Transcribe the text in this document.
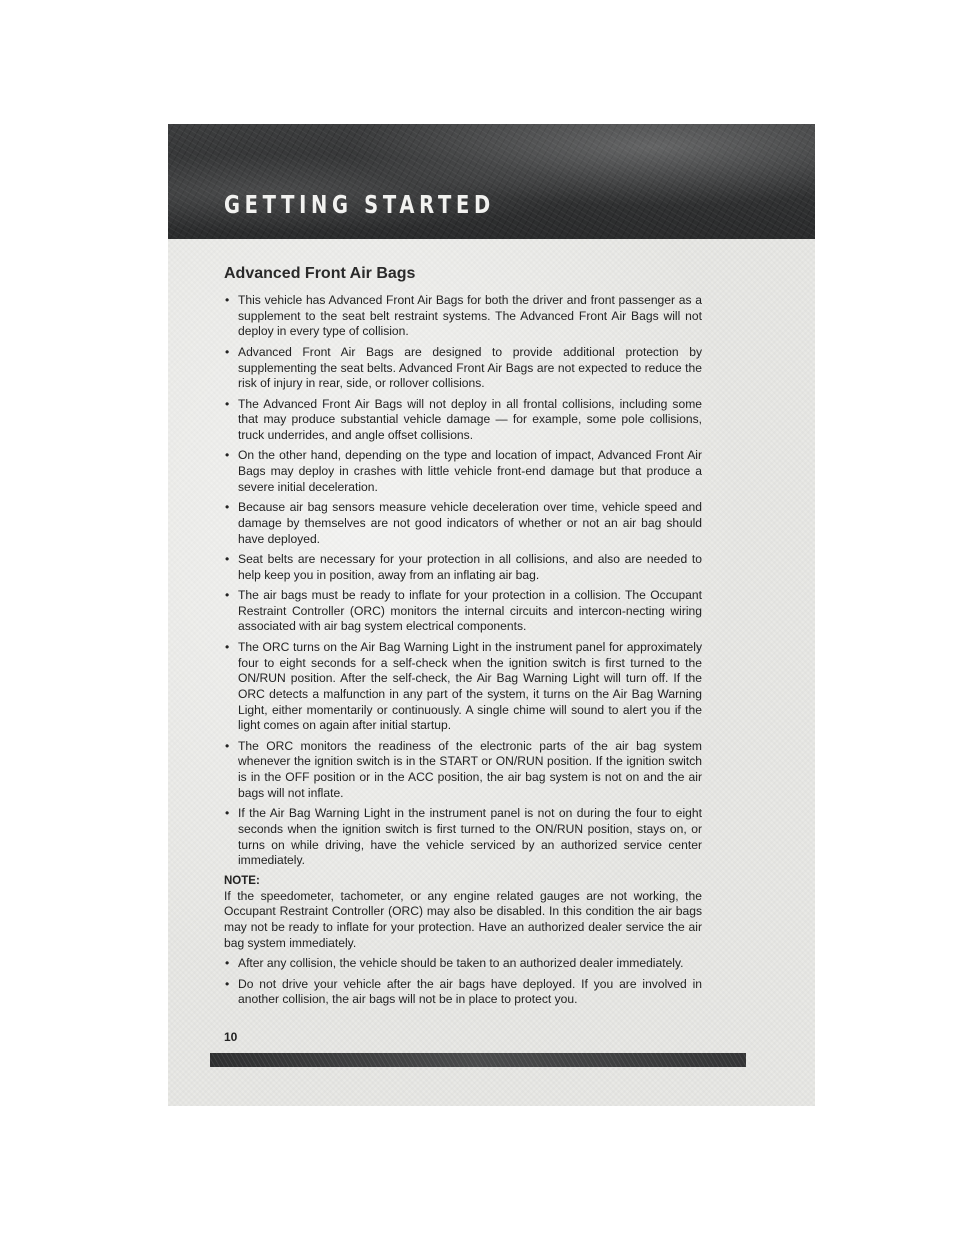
GETTING STARTED
Advanced Front Air Bags
• This vehicle has Advanced Front Air Bags for both the driver and front passenger as a supplement to the seat belt restraint systems. The Advanced Front Air Bags will not deploy in every type of collision.
• Advanced Front Air Bags are designed to provide additional protection by supplementing the seat belts. Advanced Front Air Bags are not expected to reduce the risk of injury in rear, side, or rollover collisions.
• The Advanced Front Air Bags will not deploy in all frontal collisions, including some that may produce substantial vehicle damage — for example, some pole collisions, truck underrides, and angle offset collisions.
• On the other hand, depending on the type and location of impact, Advanced Front Air Bags may deploy in crashes with little vehicle front-end damage but that produce a severe initial deceleration.
• Because air bag sensors measure vehicle deceleration over time, vehicle speed and damage by themselves are not good indicators of whether or not an air bag should have deployed.
• Seat belts are necessary for your protection in all collisions, and also are needed to help keep you in position, away from an inflating air bag.
• The air bags must be ready to inflate for your protection in a collision. The Occupant Restraint Controller (ORC) monitors the internal circuits and intercon-necting wiring associated with air bag system electrical components.
• The ORC turns on the Air Bag Warning Light in the instrument panel for approximately four to eight seconds for a self-check when the ignition switch is first turned to the ON/RUN position. After the self-check, the Air Bag Warning Light will turn off. If the ORC detects a malfunction in any part of the system, it turns on the Air Bag Warning Light, either momentarily or continuously. A single chime will sound to alert you if the light comes on again after initial startup.
• The ORC monitors the readiness of the electronic parts of the air bag system whenever the ignition switch is in the START or ON/RUN position. If the ignition switch is in the OFF position or in the ACC position, the air bag system is not on and the air bags will not inflate.
• If the Air Bag Warning Light in the instrument panel is not on during the four to eight seconds when the ignition switch is first turned to the ON/RUN position, stays on, or turns on while driving, have the vehicle serviced by an authorized service center immediately.
NOTE:
If the speedometer, tachometer, or any engine related gauges are not working, the Occupant Restraint Controller (ORC) may also be disabled. In this condition the air bags may not be ready to inflate for your protection. Have an authorized dealer service the air bag system immediately.
• After any collision, the vehicle should be taken to an authorized dealer immediately.
• Do not drive your vehicle after the air bags have deployed. If you are involved in another collision, the air bags will not be in place to protect you.
10
